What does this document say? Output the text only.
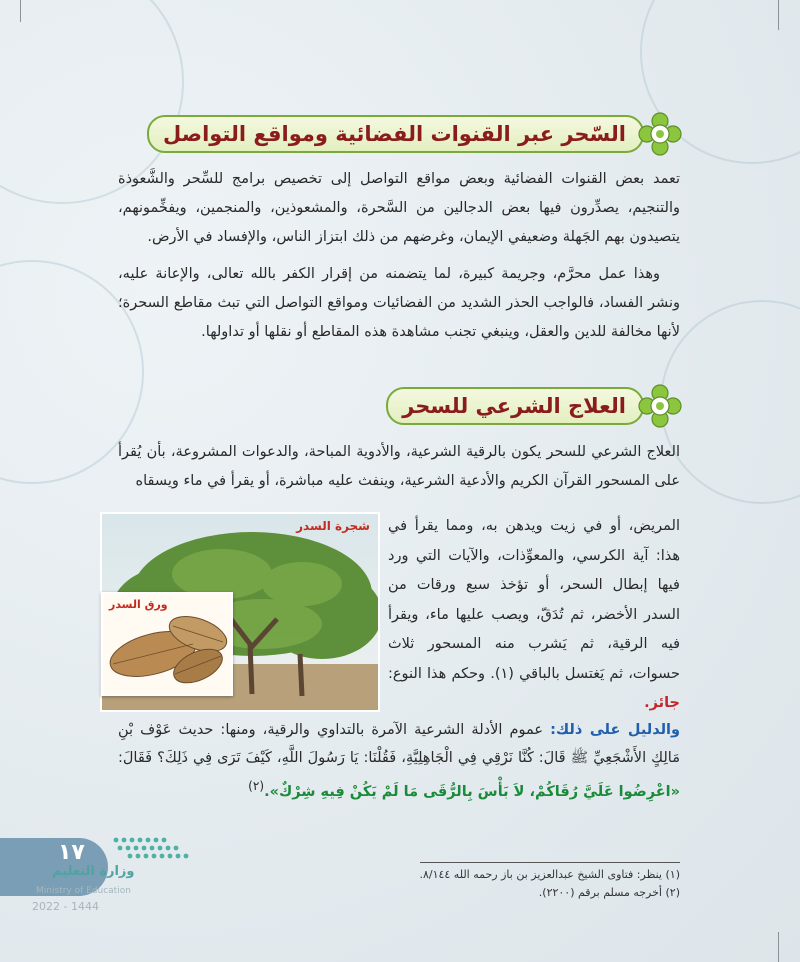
السّحر عبر القنوات الفضائية ومواقع التواصل

تعمد بعض القنوات الفضائية وبعض مواقع التواصل إلى تخصيص برامج للسِّحر والشَّعوذة والتنجيم، يصدِّرون فيها بعض الدجالين من السَّحرة، والمشعوذين، والمنجمين، ويفخِّمونهم، يتصيدون بهم الجَهلة وضعيفي الإيمان، وغرضهم من ذلك ابتزاز الناس، والإفساد في الأرض.

وهذا عمل محرَّم، وجريمة كبيرة، لما يتضمنه من إقرار الكفر بالله تعالى، والإعانة عليه، ونشر الفساد، فالواجب الحذر الشديد من الفضائيات ومواقع التواصل التي تبث مقاطع السحرة؛ لأنها مخالفة للدين والعقل، وينبغي تجنب مشاهدة هذه المقاطع أو نقلها أو تداولها.

العلاج الشرعي للسحر

العلاج الشرعي للسحر يكون بالرقية الشرعية، والأدوية المباحة، والدعوات المشروعة، بأن يُقرأ على المسحور القرآن الكريم والأدعية الشرعية، وينفث عليه مباشرة، أو يقرأ في ماء ويسقاه

شجرة السدر
ورق السدر

المريض، أو في زيت ويدهن به، ومما يقرأ في هذا: آية الكرسي، والمعوِّذات، والآيات التي ورد فيها إبطال السحر، أو تؤخذ سبع ورقات من السدر الأخضر، ثم تُدَقّ، ويصب عليها ماء، ويقرأ فيه الرقية، ثم يَشرب منه المسحور ثلاث حسوات، ثم يَغتسل بالباقي (١). وحكم هذا النوع: جائز.

والدليل على ذلك: عموم الأدلة الشرعية الآمرة بالتداوي والرقية، ومنها: حديث عَوْف بْنِ مَالِكٍ الأَشْجَعِيِّ ﷺ قَالَ: كُنَّا نَرْقِي فِي الْجَاهِلِيَّةِ، فَقُلْنَا: يَا رَسُولَ اللَّهِ، كَيْفَ تَرَى فِي ذَلِكَ؟ فَقَالَ: «اعْرِضُوا عَلَيَّ رُقَاكُمْ، لاَ بَأْسَ بِالرُّقَى مَا لَمْ يَكُنْ فِيهِ شِرْكٌ».$^{(٢)}$

(١) ينظر: فتاوى الشيخ عبدالعزيز بن باز رحمه الله ٨/١٤٤.

(٢) أخرجه مسلم برقم (٢٢٠٠).

١٧
وزارة التعليم
Ministry of Education
2022 - 1444
